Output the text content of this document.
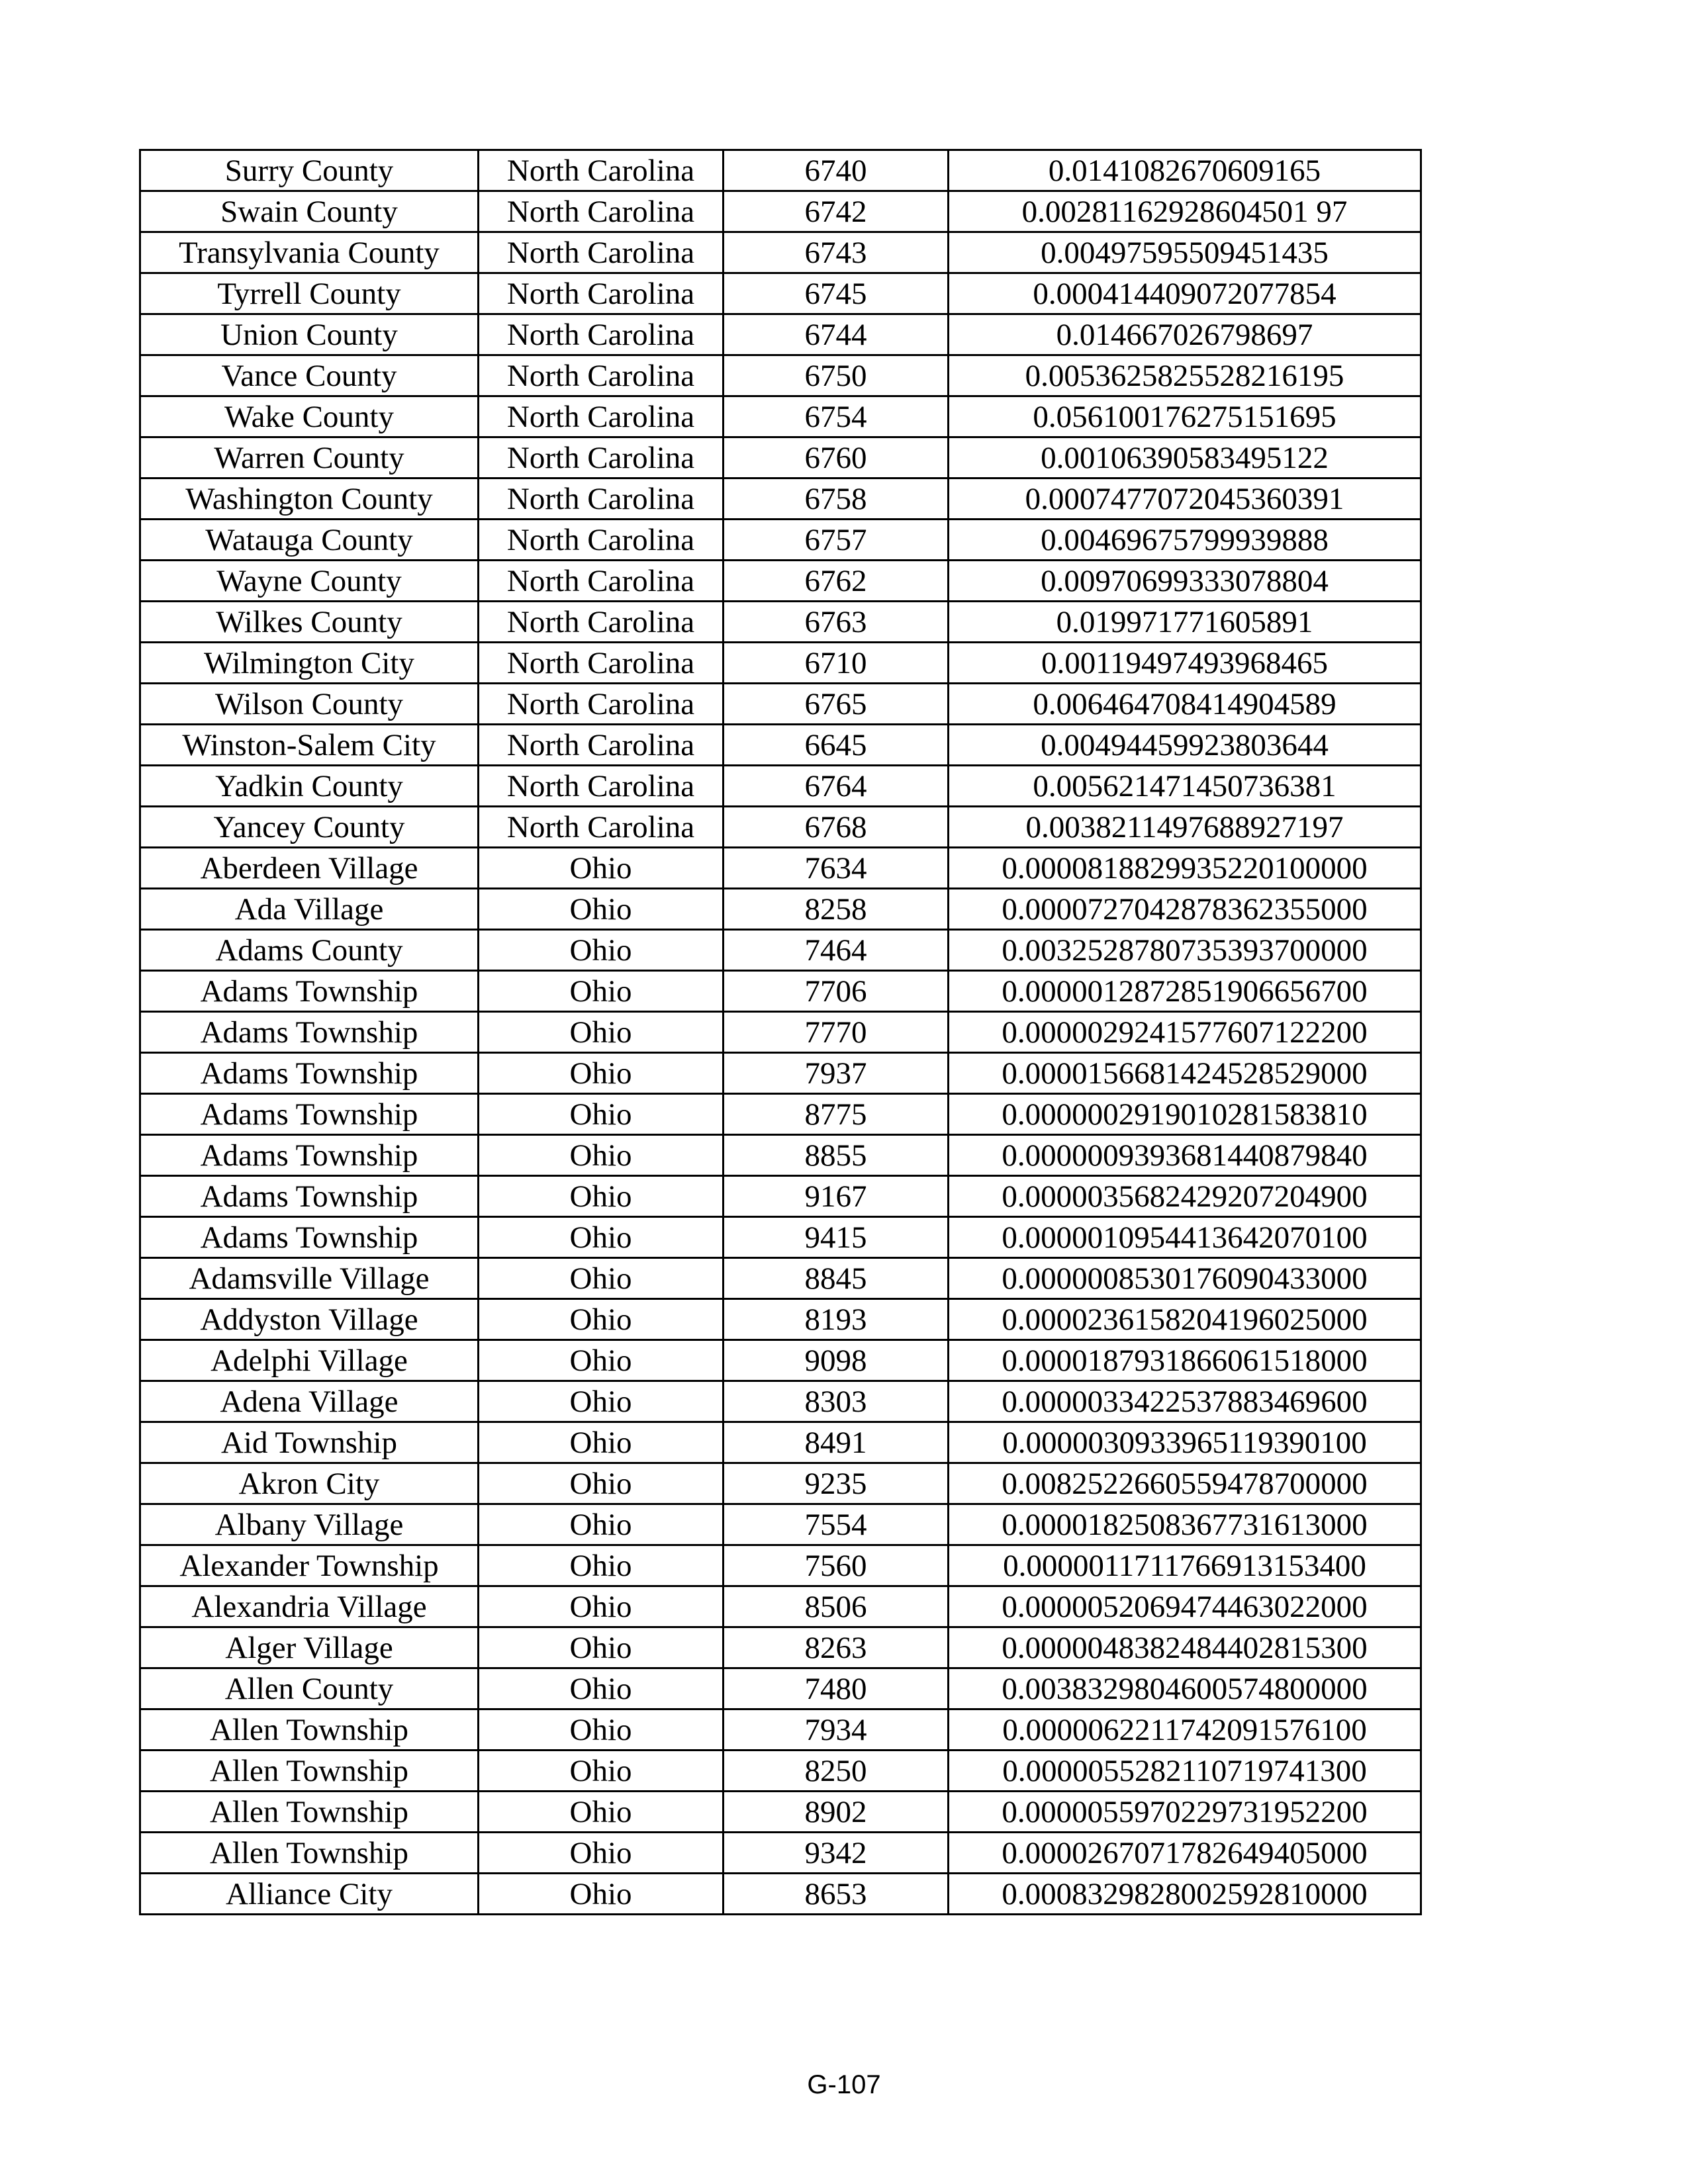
Surry County	North Carolina	6740	0.0141082670609165
Swain County	North Carolina	6742	0.00281162928604501 97
Transylvania County	North Carolina	6743	0.00497595509451435
Tyrrell County	North Carolina	6745	0.000414409072077854
Union County	North Carolina	6744	0.014667026798697
Vance County	North Carolina	6750	0.0053625825528216195
Wake County	North Carolina	6754	0.056100176275151695
Warren County	North Carolina	6760	0.00106390583495122
Washington County	North Carolina	6758	0.0007477072045360391
Watauga County	North Carolina	6757	0.00469675799939888
Wayne County	North Carolina	6762	0.00970699333078804
Wilkes County	North Carolina	6763	0.019971771605891
Wilmington City	North Carolina	6710	0.00119497493968465
Wilson County	North Carolina	6765	0.006464708414904589
Winston-Salem City	North Carolina	6645	0.00494459923803644
Yadkin County	North Carolina	6764	0.005621471450736381
Yancey County	North Carolina	6768	0.0038211497688927197
Aberdeen Village	Ohio	7634	0.0000818829935220100000
Ada Village	Ohio	8258	0.0000727042878362355000
Adams County	Ohio	7464	0.0032528780735393700000
Adams Township	Ohio	7706	0.0000012872851906656700
Adams Township	Ohio	7770	0.0000029241577607122200
Adams Township	Ohio	7937	0.0000156681424528529000
Adams Township	Ohio	8775	0.0000002919010281583810
Adams Township	Ohio	8855	0.0000009393681440879840
Adams Township	Ohio	9167	0.0000035682429207204900
Adams Township	Ohio	9415	0.0000010954413642070100
Adamsville Village	Ohio	8845	0.0000008530176090433000
Addyston Village	Ohio	8193	0.0000236158204196025000
Adelphi Village	Ohio	9098	0.0000187931866061518000
Adena Village	Ohio	8303	0.0000033422537883469600
Aid Township	Ohio	8491	0.0000030933965119390100
Akron City	Ohio	9235	0.0082522660559478700000
Albany Village	Ohio	7554	0.0000182508367731613000
Alexander Township	Ohio	7560	0.0000011711766913153400
Alexandria Village	Ohio	8506	0.0000052069474463022000
Alger Village	Ohio	8263	0.0000048382484402815300
Allen County	Ohio	7480	0.0038329804600574800000
Allen Township	Ohio	7934	0.0000062211742091576100
Allen Township	Ohio	8250	0.0000055282110719741300
Allen Township	Ohio	8902	0.0000055970229731952200
Allen Township	Ohio	9342	0.0000267071782649405000
Alliance City	Ohio	8653	0.0008329828002592810000
G-107
